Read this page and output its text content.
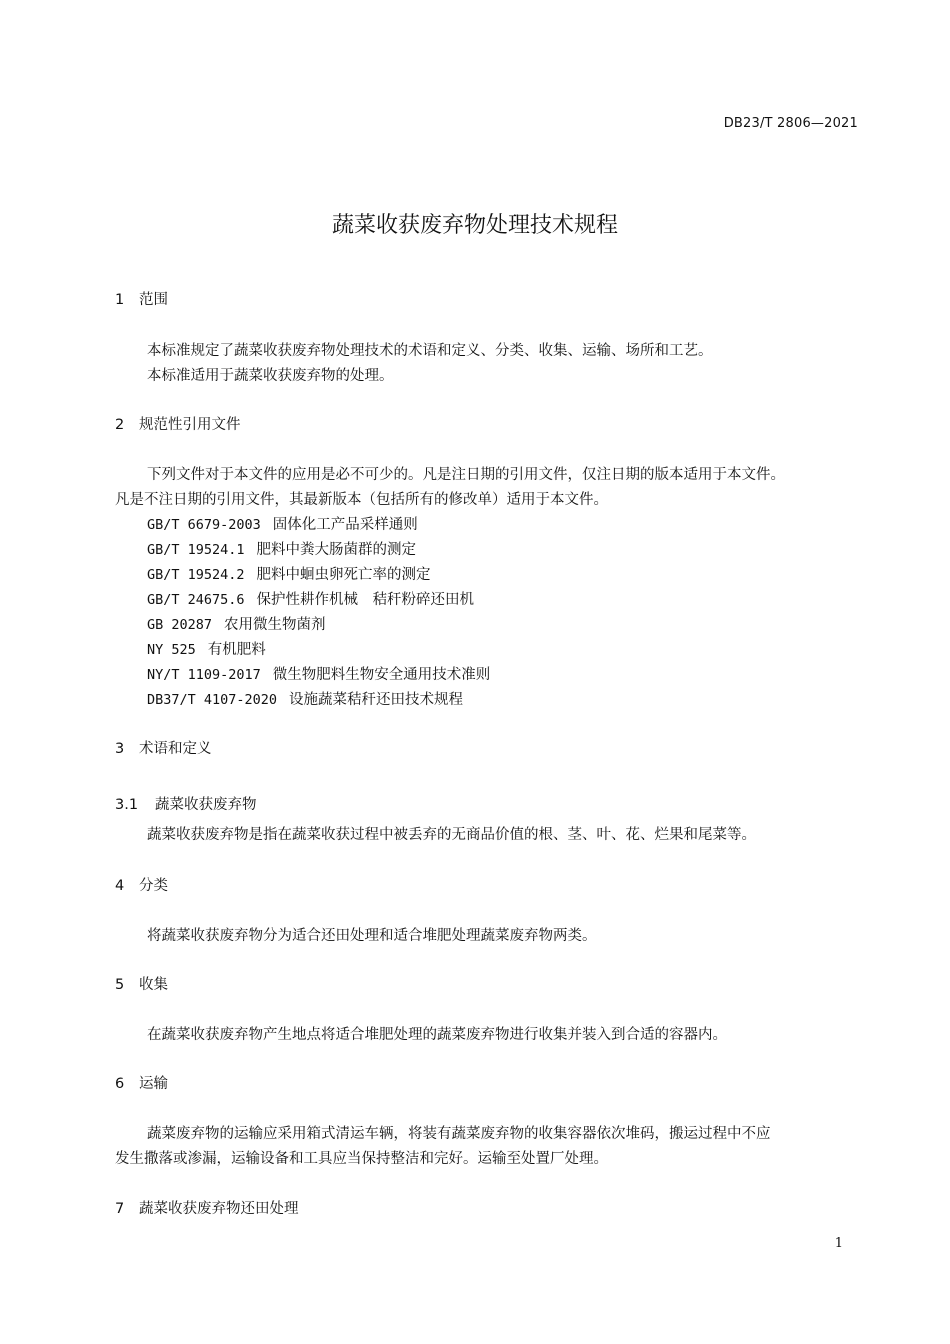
DB23/T 2806—2021
蔬菜收获废弃物处理技术规程
1 范围
本标准规定了蔬菜收获废弃物处理技术的术语和定义、分类、收集、运输、场所和工艺。
本标准适用于蔬菜收获废弃物的处理。
2 规范性引用文件
下列文件对于本文件的应用是必不可少的。凡是注日期的引用文件，仅注日期的版本适用于本文件。
凡是不注日期的引用文件，其最新版本（包括所有的修改单）适用于本文件。
GB/T 6679-2003 固体化工产品采样通则
GB/T 19524.1 肥料中粪大肠菌群的测定
GB/T 19524.2 肥料中蛔虫卵死亡率的测定
GB/T 24675.6 保护性耕作机械　秸秆粉碎还田机
GB 20287 农用微生物菌剂
NY 525 有机肥料
NY/T 1109-2017 微生物肥料生物安全通用技术准则
DB37/T 4107-2020 设施蔬菜秸秆还田技术规程
3 术语和定义
3.1 蔬菜收获废弃物
蔬菜收获废弃物是指在蔬菜收获过程中被丢弃的无商品价值的根、茎、叶、花、烂果和尾菜等。
4 分类
将蔬菜收获废弃物分为适合还田处理和适合堆肥处理蔬菜废弃物两类。
5 收集
在蔬菜收获废弃物产生地点将适合堆肥处理的蔬菜废弃物进行收集并装入到合适的容器内。
6 运输
蔬菜废弃物的运输应采用箱式清运车辆，将装有蔬菜废弃物的收集容器依次堆码，搬运过程中不应
发生撒落或渗漏，运输设备和工具应当保持整洁和完好。运输至处置厂处理。
7 蔬菜收获废弃物还田处理
1
